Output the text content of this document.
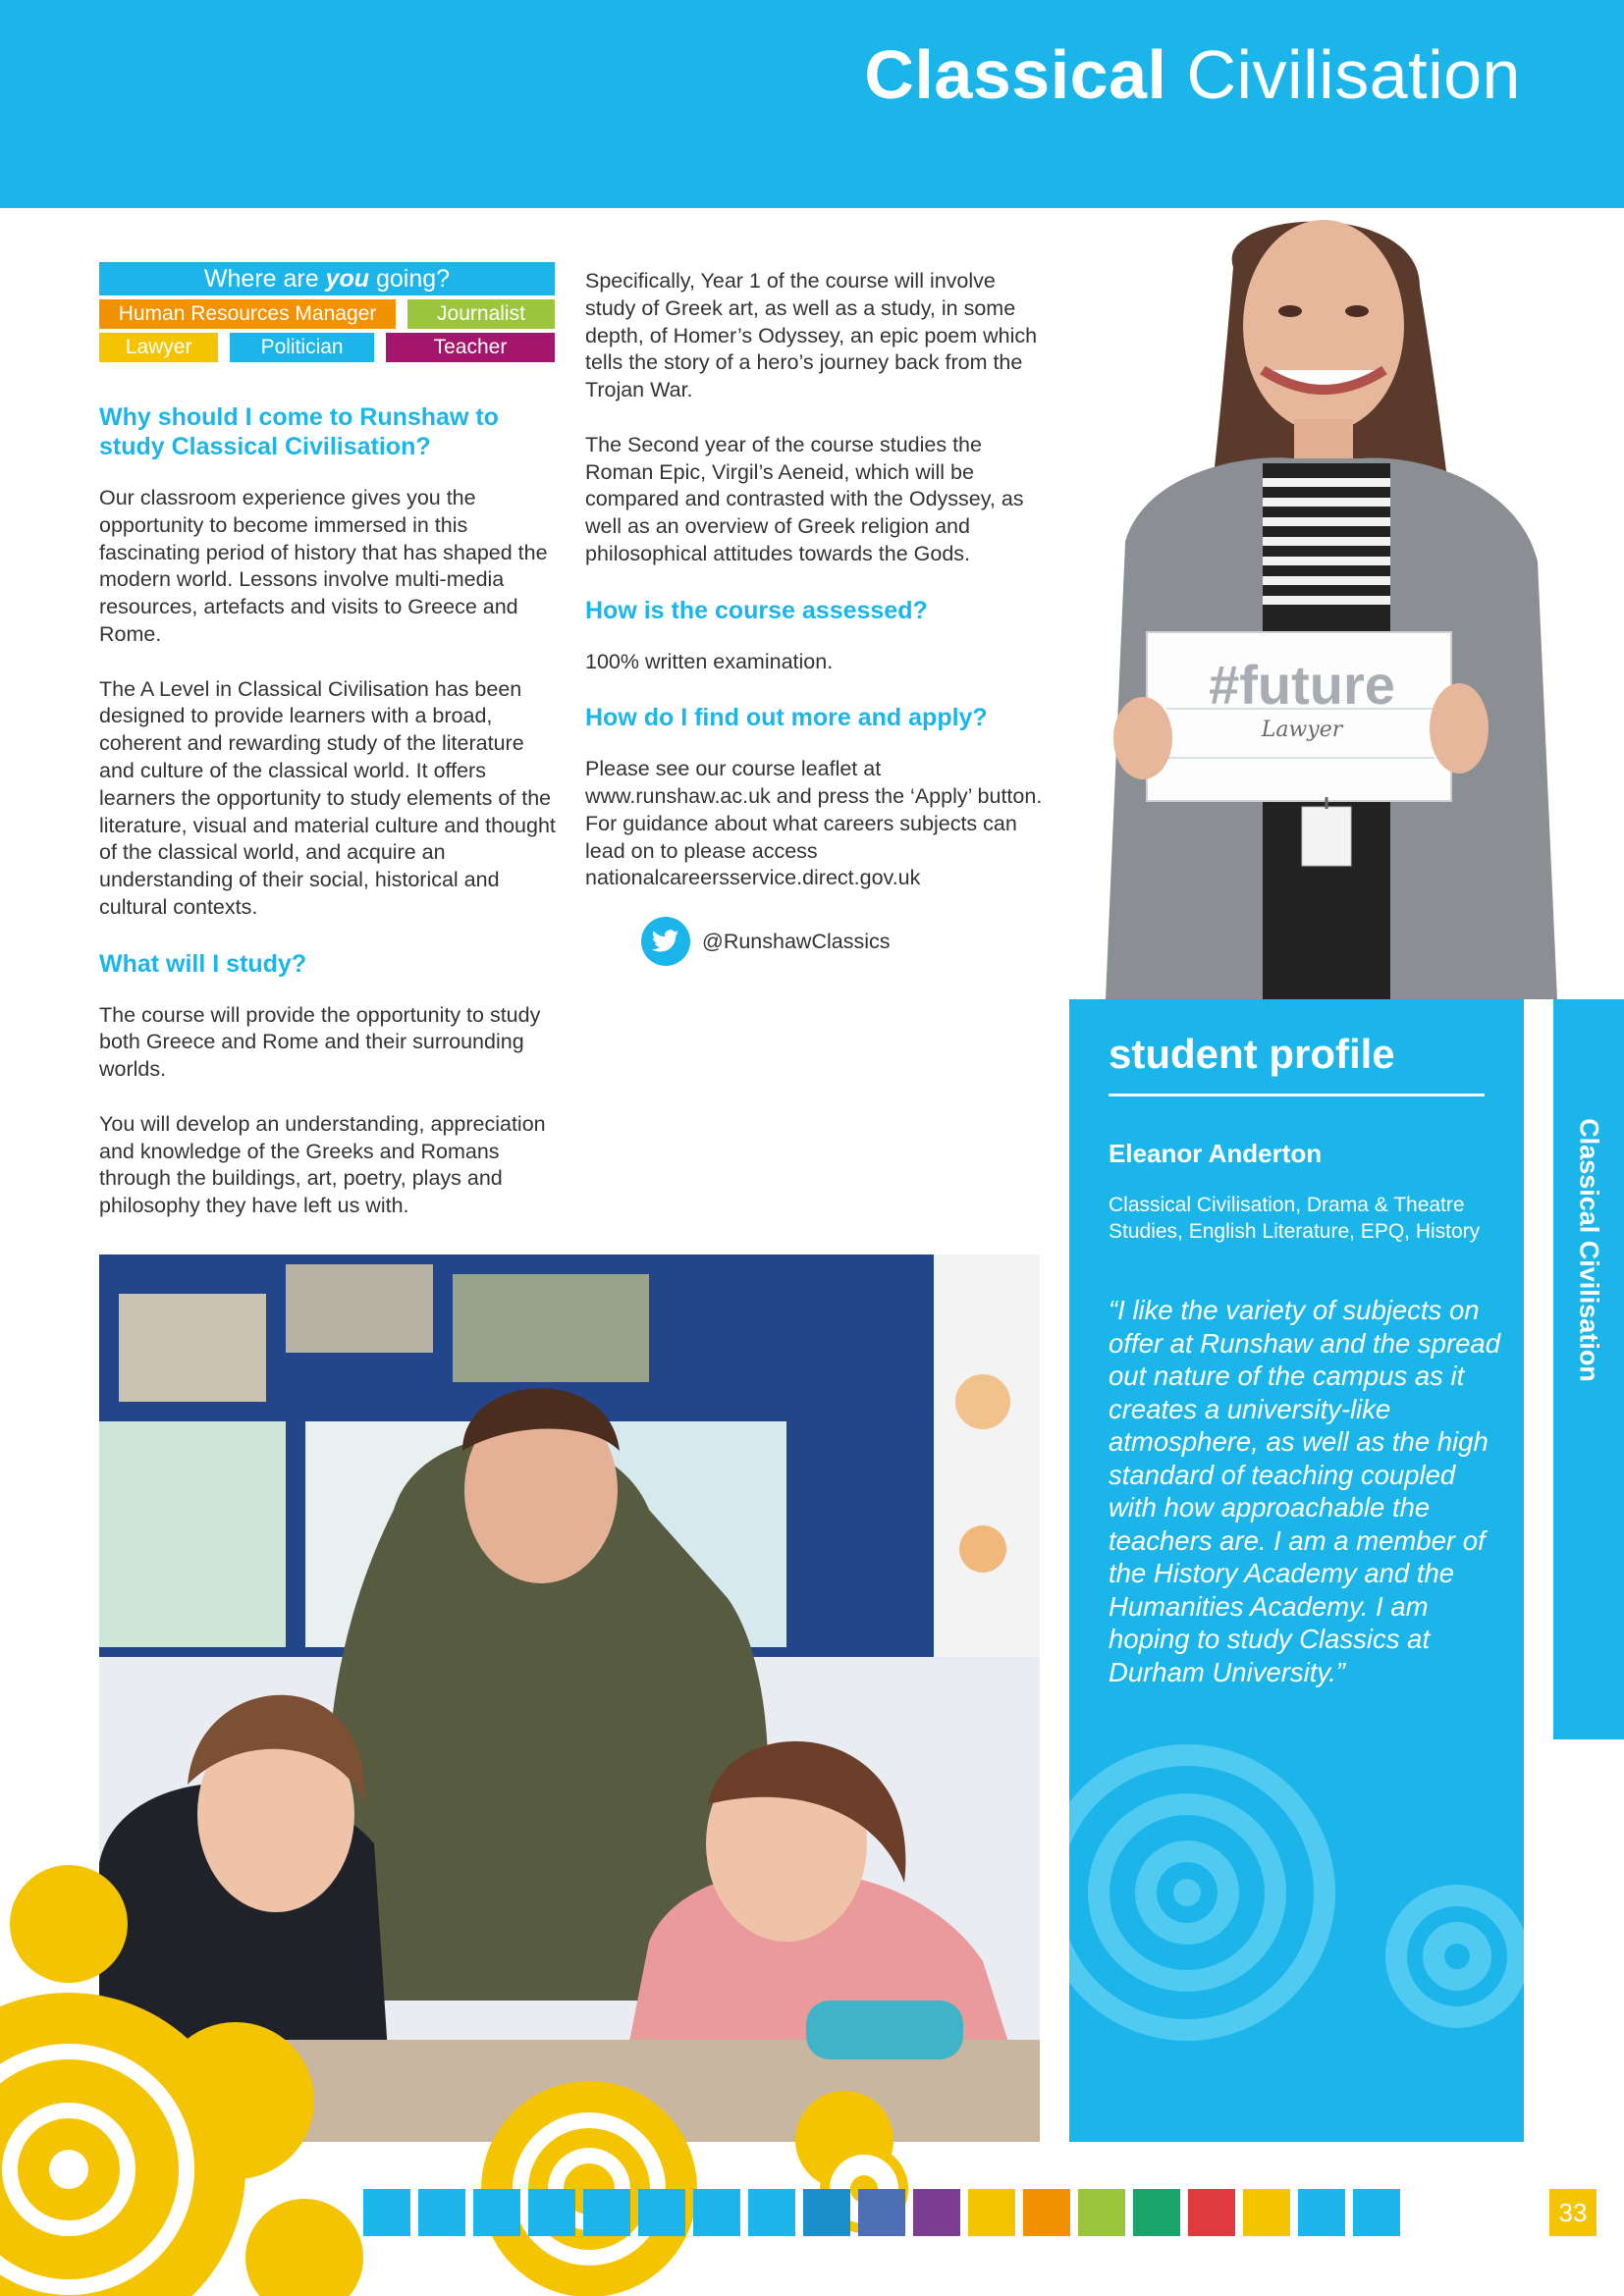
Classical Civilisation
Where are you going?
Human Resources Manager	Journalist
Lawyer	Politician	Teacher
Why should I come to Runshaw to study Classical Civilisation?

Our classroom experience gives you the opportunity to become immersed in this fascinating period of history that has shaped the modern world. Lessons involve multi-media resources, artefacts and visits to Greece and Rome.

The A Level in Classical Civilisation has been designed to provide learners with a broad, coherent and rewarding study of the literature and culture of the classical world. It offers learners the opportunity to study elements of the literature, visual and material culture and thought of the classical world, and acquire an understanding of their social, historical and cultural contexts.

What will I study?

The course will provide the opportunity to study both Greece and Rome and their surrounding worlds.

You will develop an understanding, appreciation and knowledge of the Greeks and Romans through the buildings, art, poetry, plays and philosophy they have left us with.

Specifically, Year 1 of the course will involve study of Greek art, as well as a study, in some depth, of Homer’s Odyssey, an epic poem which tells the story of a hero’s journey back from the Trojan War.

The Second year of the course studies the Roman Epic, Virgil’s Aeneid, which will be compared and contrasted with the Odyssey, as well as an overview of Greek religion and philosophical attitudes towards the Gods.

How is the course assessed?

100% written examination.

How do I find out more and apply?

Please see our course leaflet at www.runshaw.ac.uk and press the ‘Apply’ button. For guidance about what careers subjects can lead on to please access nationalcareersservice.direct.gov.uk

@RunshawClassics
#future
Lawyer
student profile
Eleanor Anderton
Classical Civilisation, Drama & Theatre Studies, English Literature, EPQ, History
“I like the variety of subjects on offer at Runshaw and the spread out nature of the campus as it creates a university-like atmosphere, as well as the high standard of teaching coupled with how approachable the teachers are. I am a member of the History Academy and the Humanities Academy. I am hoping to study Classics at Durham University.”
Classical Civilisation
33
